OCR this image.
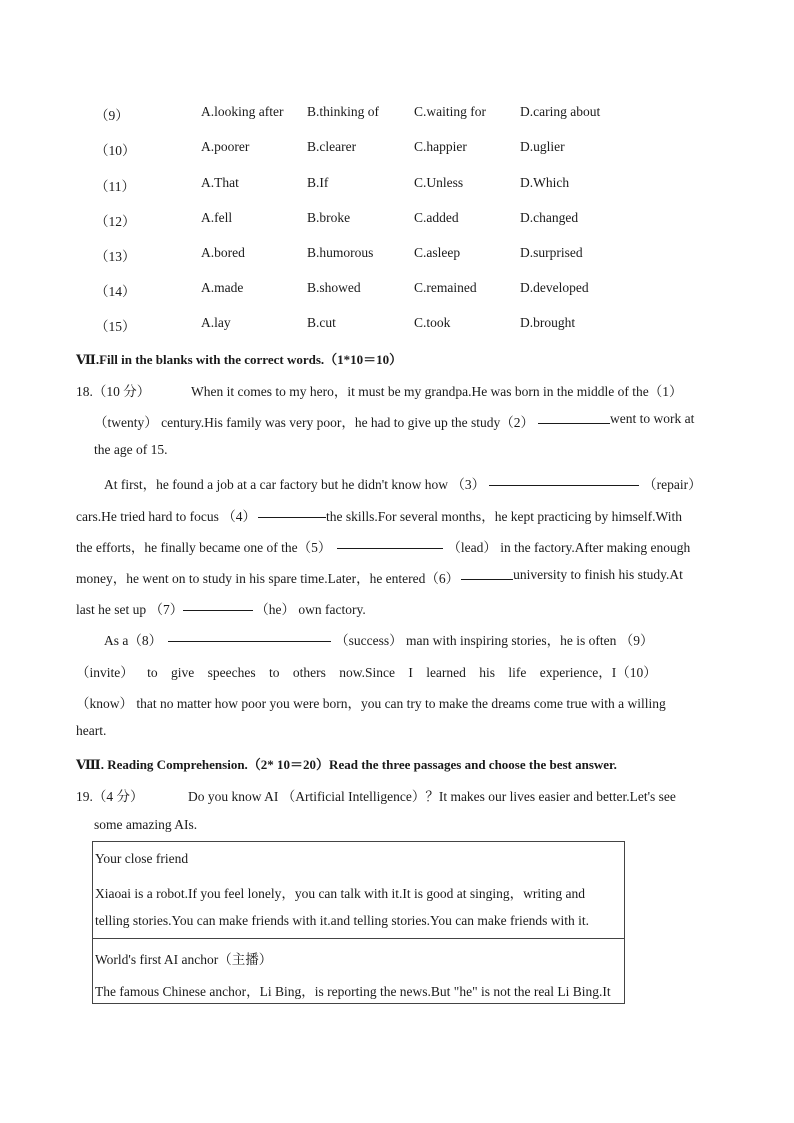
（9）	A.looking after B.thinking of	C.waiting for	D.caring about
（10）	A.poorer	B.clearer	C.happier	D.uglier
（11）	A.That	B.If	C.Unless	D.Which
（12）	A.fell	B.broke	C.added	D.changed
（13）	A.bored	B.humorous	C.asleep	D.surprised
（14）	A.made	B.showed	C.remained	D.developed
（15）	A.lay	B.cut	C.took	D.brought
Ⅶ.Fill in the blanks with the correct words.（1*10＝10）
18.（10 分）	When it comes to my hero，it must be my grandpa.He was born in the middle of the（1）
（twenty） century.His family was very poor，he had to give up the study（2）	went to work at
the age of 15.
At first，he found a job at a car factory but he didn't know how （3）	（repair）
cars.He tried hard to focus （4）	the skills.For several months，he kept practicing by himself.With
the efforts，he finally became one of the（5）	（lead） in the factory.After making enough
money，he went on to study in his spare time.Later，he entered（6）	university to finish his study.At
last he set up （7）	（he） own factory.
As a（8）	（success） man with inspiring stories，he is often （9）
（invite） to give speeches to others now.Since I learned his life experience，I（10）
（know） that no matter how poor you were born，you can try to make the dreams come true with a willing
heart.
Ⅷ. Reading Comprehension.（2* 10＝20）Read the three passages and choose the best answer.
19.（4 分）	Do you know AI （Artificial Intelligence）？It makes our lives easier and better.Let's see
some amazing AIs.
Your close friend
Xiaoai is a robot.If you feel lonely，you can talk with it.It is good at singing，writing and
telling stories.You can make friends with it.and telling stories.You can make friends with it.
World's first AI anchor（主播）
The famous Chinese anchor，Li Bing，is reporting the news.But "he" is not the real Li Bing.It
